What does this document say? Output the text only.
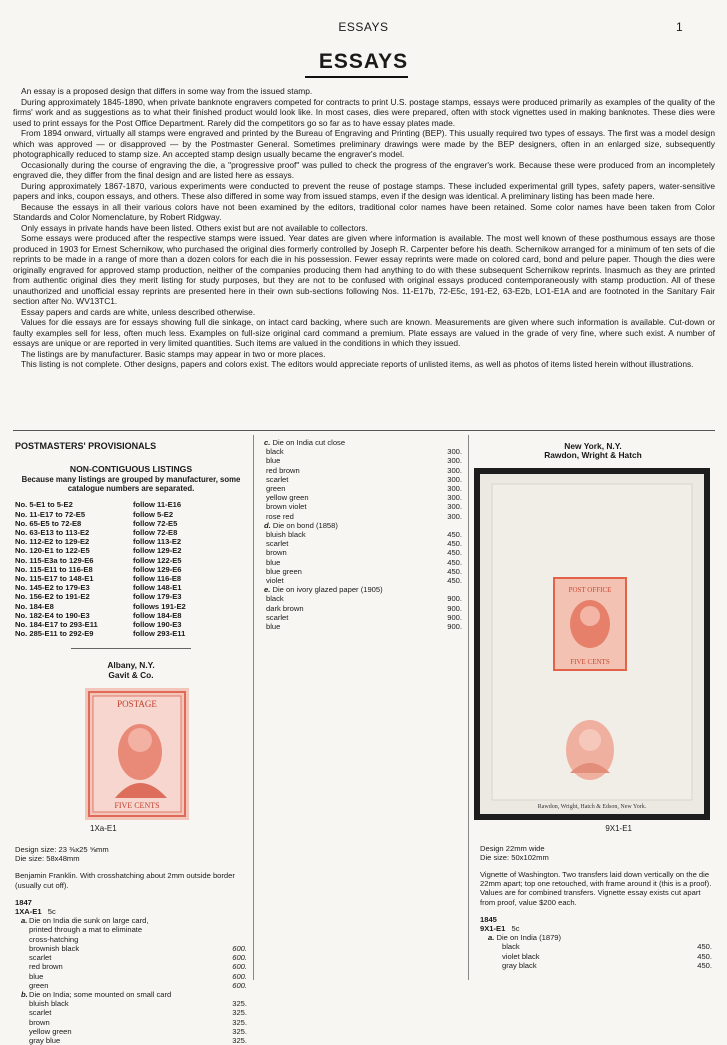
ESSAYS	1
ESSAYS

An essay is a proposed design that differs in some way from the issued stamp.

During approximately 1845-1890, when private banknote engravers competed for contracts to print U.S. postage stamps, essays were produced primarily as examples of the quality of the firms' work and as suggestions as to what their finished product would look like. In most cases, dies were prepared, often with stock vignettes used in making banknotes. These dies were used to print essays for the Post Office Department. Rarely did the competitors go so far as to have essay plates made.

From 1894 onward, virtually all stamps were engraved and printed by the Bureau of Engraving and Printing (BEP). This usually required two types of essays. The first was a model design which was approved — or disapproved — by the Postmaster General. Sometimes preliminary drawings were made by the BEP designers, often in an enlarged size, subsequently photographically reduced to stamp size. An accepted stamp design usually became the engraver's model.

Occasionally during the course of engraving the die, a "progressive proof" was pulled to check the progress of the engraver's work. Because these were produced from an incompletely engraved die, they differ from the final design and are listed here as essays.

During approximately 1867-1870, various experiments were conducted to prevent the reuse of postage stamps. These included experimental grill types, safety papers, water-sensitive papers and inks, coupon essays, and others. These also differed in some way from issued stamps, even if the design was identical. A preliminary listing has been made here.

Because the essays in all their various colors have not been examined by the editors, traditional color names have been retained. Some color names have been taken from Color Standards and Color Nomenclature, by Robert Ridgway.

Only essays in private hands have been listed. Others exist but are not available to collectors.

Some essays were produced after the respective stamps were issued. Year dates are given where information is available. The most well known of these posthumous essays are those produced in 1903 for Ernest Schernikow, who purchased the original dies formerly controlled by Joseph R. Carpenter before his death. Schernikow arranged for a minimum of ten sets of die reprints to be made in a range of more than a dozen colors for each die in his possession. Fewer essay reprints were made on colored card, bond and pelure paper. Though the dies were originally engraved for approved stamp production, neither of the companies producing them had anything to do with these subsequent Schernikow reprints. Inasmuch as they are printed from authentic original dies they merit listing for study purposes, but they are not to be confused with original essays produced contemporaneously with stamp production. All of these unauthorized and unofficial essay reprints are presented here in their own sub-sections following Nos. 11-E17b, 72-E5c, 191-E2, 63-E2b, LO1-E1A and are footnoted in the Sanitary Fair section after No. WV13TC1.

Essay papers and cards are white, unless described otherwise.

Values for die essays are for essays showing full die sinkage, on intact card backing, where such are known. Measurements are given where such information is available. Cut-down or faulty examples sell for less, often much less. Examples on full-size original card command a premium. Plate essays are valued in the grade of very fine, where such exist. A number of essays are unique or are reported in very limited quantities. Such items are valued in the conditions in which they issued.

The listings are by manufacturer. Basic stamps may appear in two or more places.

This listing is not complete. Other designs, papers and colors exist. The editors would appreciate reports of unlisted items, as well as photos of items listed herein without illustrations.

POSTMASTERS' PROVISIONALS
NON-CONTIGUOUS LISTINGS
Because many listings are grouped by manufacturer, some catalogue numbers are separated.
No. 5-E1 to 5-E2	follow 11-E16
No. 11-E17 to 72-E5	follow 5-E2
No. 65-E5 to 72-E8	follow 72-E5
No. 63-E13 to 113-E2	follow 72-E8
No. 112-E2 to 129-E2	follow 113-E2
No. 120-E1 to 122-E5	follow 129-E2
No. 115-E3a to 129-E6	follow 122-E5
No. 115-E11 to 116-E8	follow 129-E6
No. 115-E17 to 148-E1	follow 116-E8
No. 145-E2 to 179-E3	follow 148-E1
No. 156-E2 to 191-E2	follow 179-E3
No. 184-E8	follows 191-E2
No. 182-E4 to 190-E3	follow 184-E8
No. 184-E17 to 293-E11	follow 190-E3
No. 285-E11 to 292-E9	follow 293-E11
Albany, N.Y.
Gavit & Co.
POSTAGE
FIVE CENTS
1Xa-E1
Design size: 23 ⅜x25 ⅝mm
Die size: 58x48mm
Benjamin Franklin. With crosshatching about 2mm outside border (usually cut off).
1847
1XA-E1 5c
a. Die on India die sunk on large card, printed through a mat to eliminate cross-hatching
brownish black	600.
scarlet	600.
red brown	600.
blue	600.
green	600.
b. Die on India; some mounted on small card
bluish black	325.
scarlet	325.
brown	325.
yellow green	325.
gray blue	325.
c. Die on India cut close
black	300.
blue	300.
red brown	300.
scarlet	300.
green	300.
yellow green	300.
brown violet	300.
rose red	300.
d. Die on bond (1858)
bluish black	450.
scarlet	450.
brown	450.
blue	450.
blue green	450.
violet	450.
e. Die on ivory glazed paper (1905)
black	900.
dark brown	900.
scarlet	900.
blue	900.
New York, N.Y.
Rawdon, Wright & Hatch
POST OFFICE
FIVE CENTS
Rawdon, Wright, Hatch & Edson, New York.
9X1-E1
Design 22mm wide
Die size: 50x102mm
Vignette of Washington. Two transfers laid down vertically on the die 22mm apart; top one retouched, with frame around it (this is a proof). Values are for combined transfers. Vignette essay exists cut apart from proof, value $200 each.
1845
9X1-E1 5c
a. Die on India (1879)
black	450.
violet black	450.
gray black	450.
